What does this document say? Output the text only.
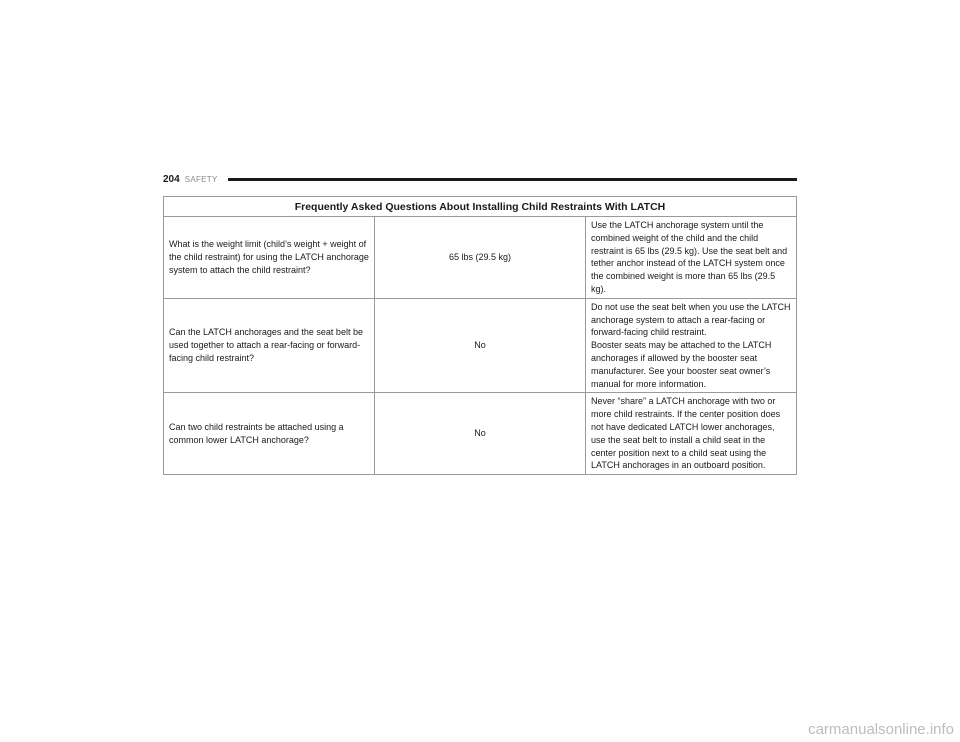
204 SAFETY
Frequently Asked Questions About Installing Child Restraints With LATCH		
What is the weight limit (child’s weight + weight of the child restraint) for using the LATCH anchorage system to attach the child restraint?	65 lbs (29.5 kg)	Use the LATCH anchorage system until the combined weight of the child and the child restraint is 65 lbs (29.5 kg). Use the seat belt and tether anchor instead of the LATCH system once the combined weight is more than 65 lbs (29.5 kg).

Can the LATCH anchorages and the seat belt be used together to attach a rear-facing or forward-facing child restraint?	No	Do not use the seat belt when you use the LATCH anchorage system to attach a rear-facing or forward-facing child restraint.
Booster seats may be attached to the LATCH anchorages if allowed by the booster seat manufacturer. See your booster seat owner’s manual for more information.

Can two child restraints be attached using a common lower LATCH anchorage?	No	Never “share” a LATCH anchorage with two or more child restraints. If the center position does not have dedicated LATCH lower anchorages, use the seat belt to install a child seat in the center position next to a child seat using the LATCH anchorages in an outboard position.
carmanualsonline.info
